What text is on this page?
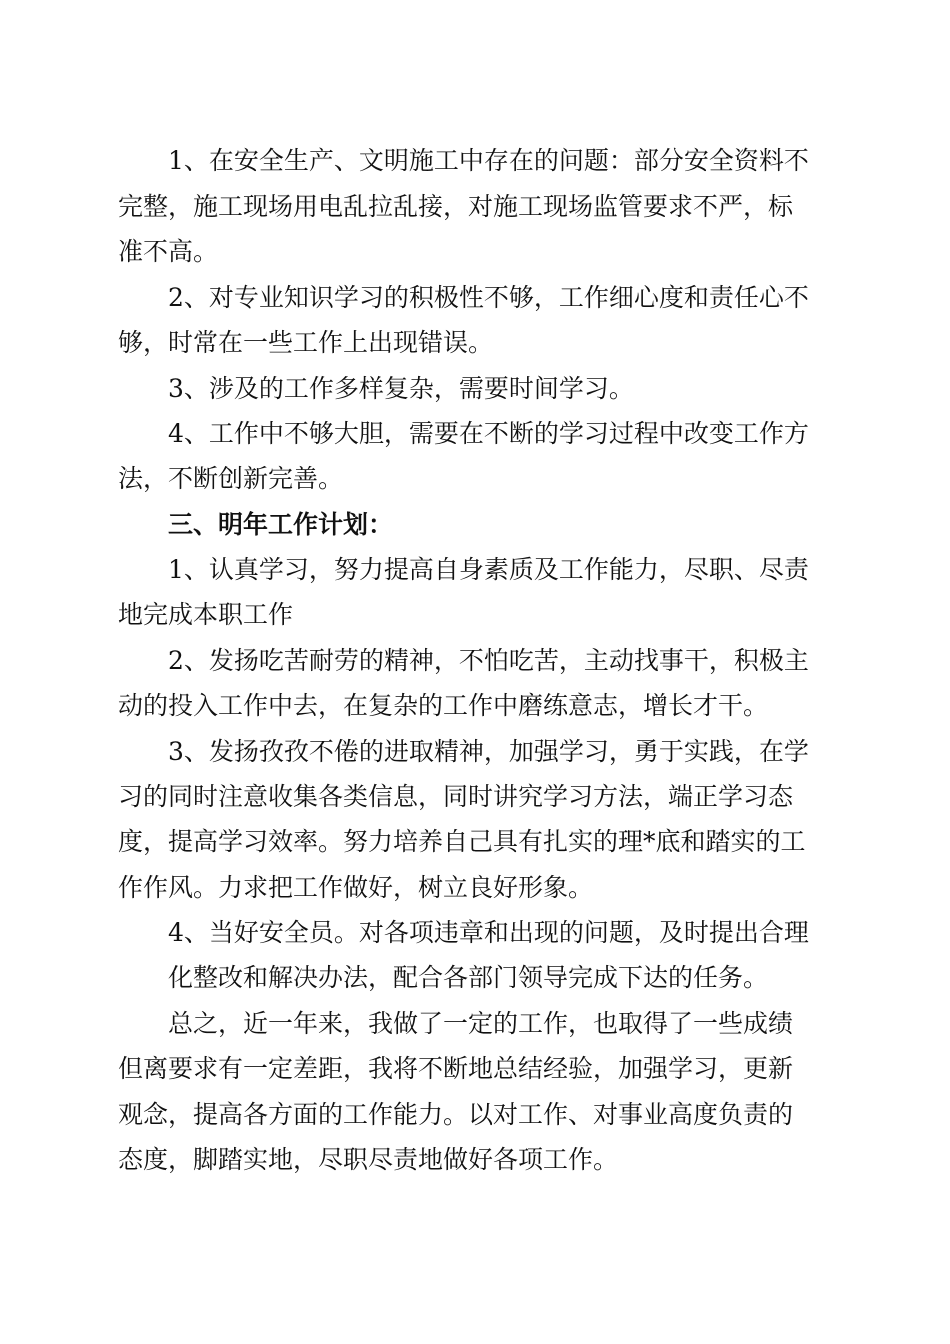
1、在安全生产、文明施工中存在的问题：部分安全资料不
完整，施工现场用电乱拉乱接，对施工现场监管要求不严，标
准不高。
2、对专业知识学习的积极性不够，工作细心度和责任心不
够，时常在一些工作上出现错误。
3、涉及的工作多样复杂，需要时间学习。
4、工作中不够大胆，需要在不断的学习过程中改变工作方
法，不断创新完善。
三、明年工作计划：
1、认真学习，努力提高自身素质及工作能力，尽职、尽责
地完成本职工作
2、发扬吃苦耐劳的精神，不怕吃苦，主动找事干，积极主
动的投入工作中去，在复杂的工作中磨练意志，增长才干。
3、发扬孜孜不倦的进取精神，加强学习，勇于实践，在学
习的同时注意收集各类信息，同时讲究学习方法，端正学习态
度，提高学习效率。努力培养自己具有扎实的理*底和踏实的工
作作风。力求把工作做好，树立良好形象。
4、当好安全员。对各项违章和出现的问题，及时提出合理
化整改和解决办法，配合各部门领导完成下达的任务。
总之，近一年来，我做了一定的工作，也取得了一些成绩
但离要求有一定差距，我将不断地总结经验，加强学习，更新
观念，提高各方面的工作能力。以对工作、对事业高度负责的
态度，脚踏实地，尽职尽责地做好各项工作。
